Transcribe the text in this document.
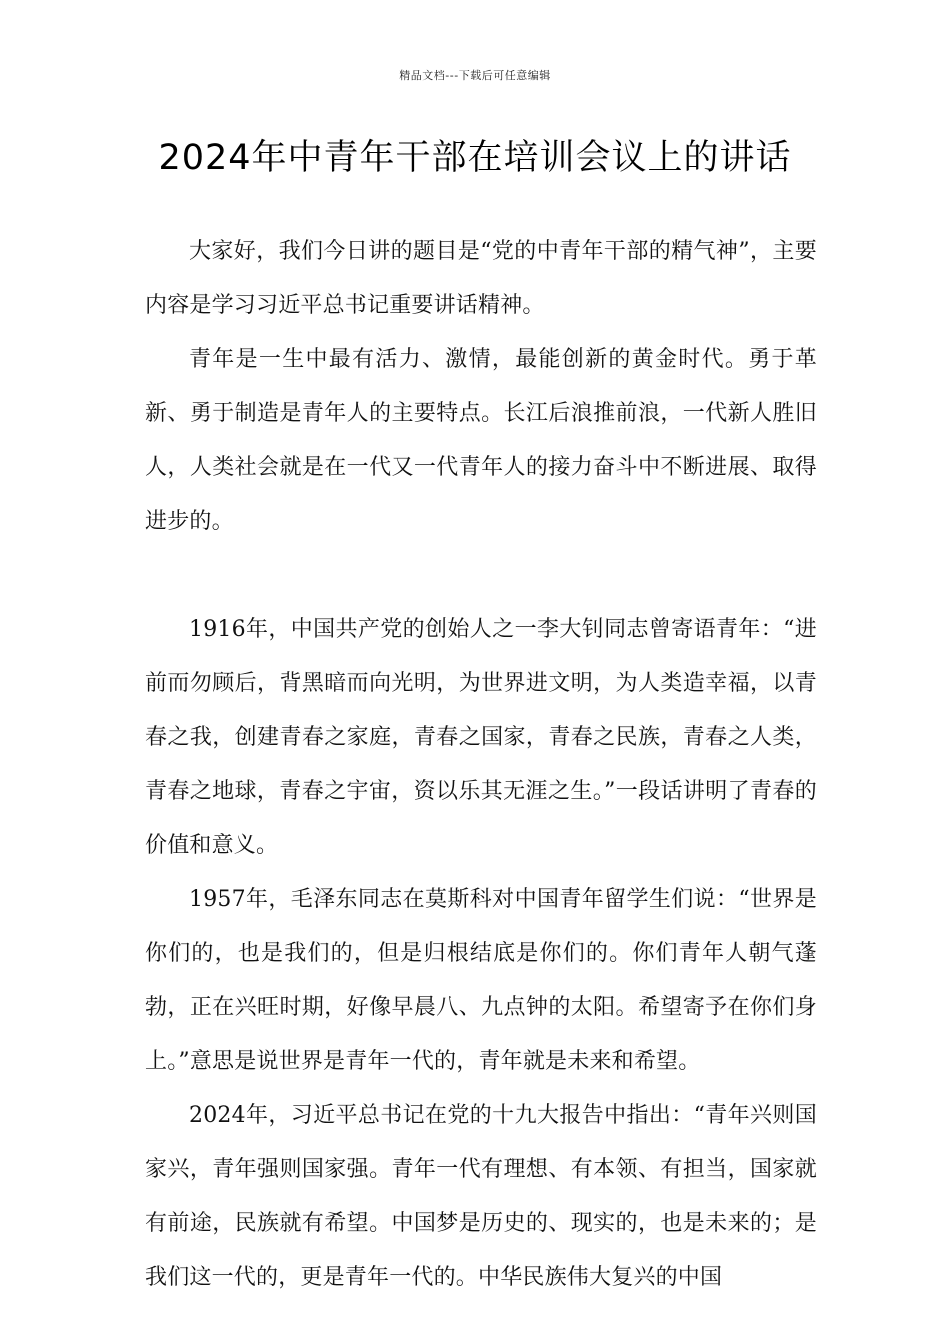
精品文档---下载后可任意编辑
2024年中青年干部在培训会议上的讲话

大家好，我们今日讲的题目是“党的中青年干部的精气神”，主要内容是学习习近平总书记重要讲话精神。

青年是一生中最有活力、激情，最能创新的黄金时代。勇于革新、勇于制造是青年人的主要特点。长江后浪推前浪，一代新人胜旧人，人类社会就是在一代又一代青年人的接力奋斗中不断进展、取得进步的。

1916年，中国共产党的创始人之一李大钊同志曾寄语青年：“进前而勿顾后，背黑暗而向光明，为世界进文明，为人类造幸福，以青春之我，创建青春之家庭，青春之国家，青春之民族，青春之人类，青春之地球，青春之宇宙，资以乐其无涯之生。”一段话讲明了青春的价值和意义。

1957年，毛泽东同志在莫斯科对中国青年留学生们说：“世界是你们的，也是我们的，但是归根结底是你们的。你们青年人朝气蓬勃，正在兴旺时期，好像早晨八、九点钟的太阳。希望寄予在你们身上。”意思是说世界是青年一代的，青年就是未来和希望。

2024年，习近平总书记在党的十九大报告中指出：“青年兴则国家兴，青年强则国家强。青年一代有理想、有本领、有担当，国家就有前途，民族就有希望。中国梦是历史的、现实的，也是未来的；是我们这一代的，更是青年一代的。中华民族伟大复兴的中国
